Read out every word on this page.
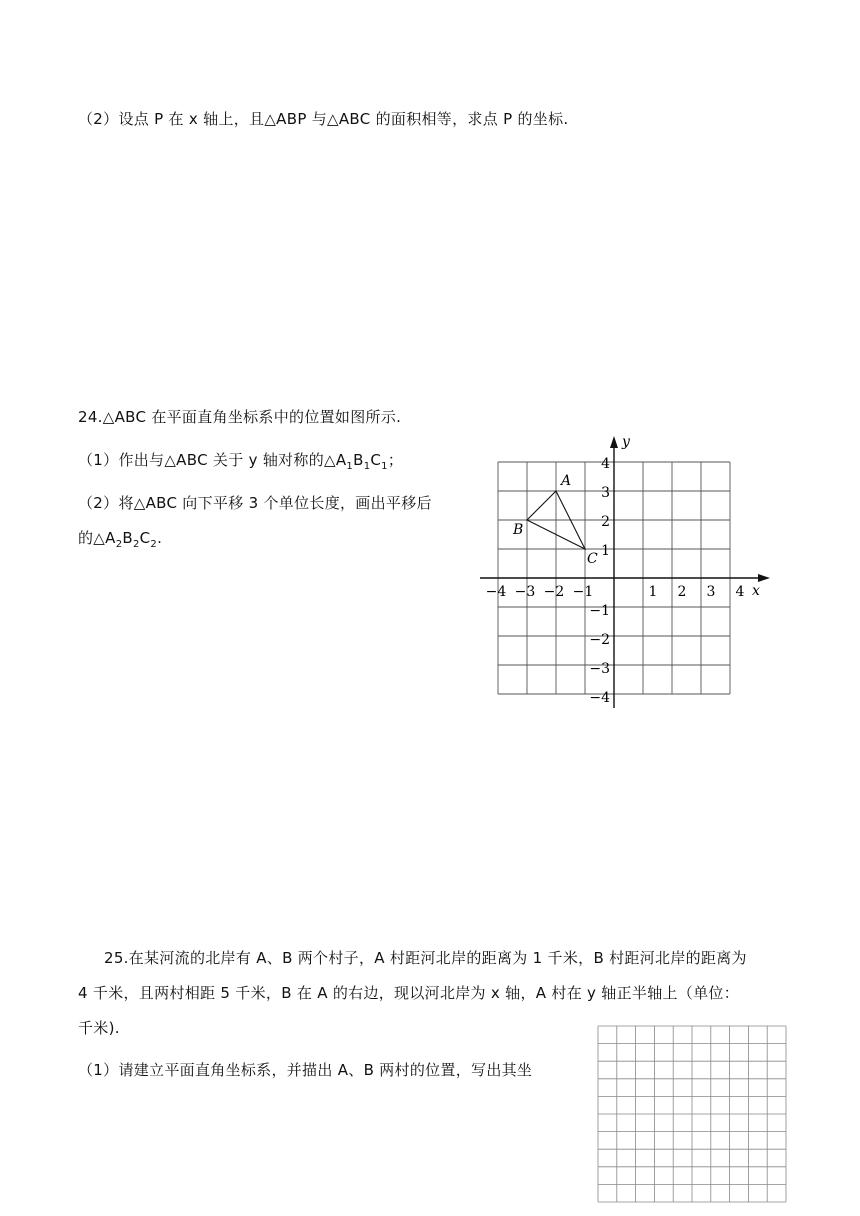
（2）设点 P 在 x 轴上，且△ABP 与△ABC 的面积相等，求点 P 的坐标.
24.△ABC 在平面直角坐标系中的位置如图所示.
（1）作出与△ABC 关于 y 轴对称的$\triangle A_1B_1C_1$；
（2）将△ABC 向下平移 3 个单位长度，画出平移后
的$\triangle A_2B_2C_2$.
x
y
−4 −3 −2 −1	1 2 3 4
4
3
2
1
−1
−2
−3
−4
A
B
C
25.在某河流的北岸有 A、B 两个村子，A 村距河北岸的距离为 1 千米，B 村距河北岸的距离为
4 千米，且两村相距 5 千米，B 在 A 的右边，现以河北岸为 x 轴，A 村在 y 轴正半轴上（单位：
千米).
（1）请建立平面直角坐标系，并描出 A、B 两村的位置，写出其坐
